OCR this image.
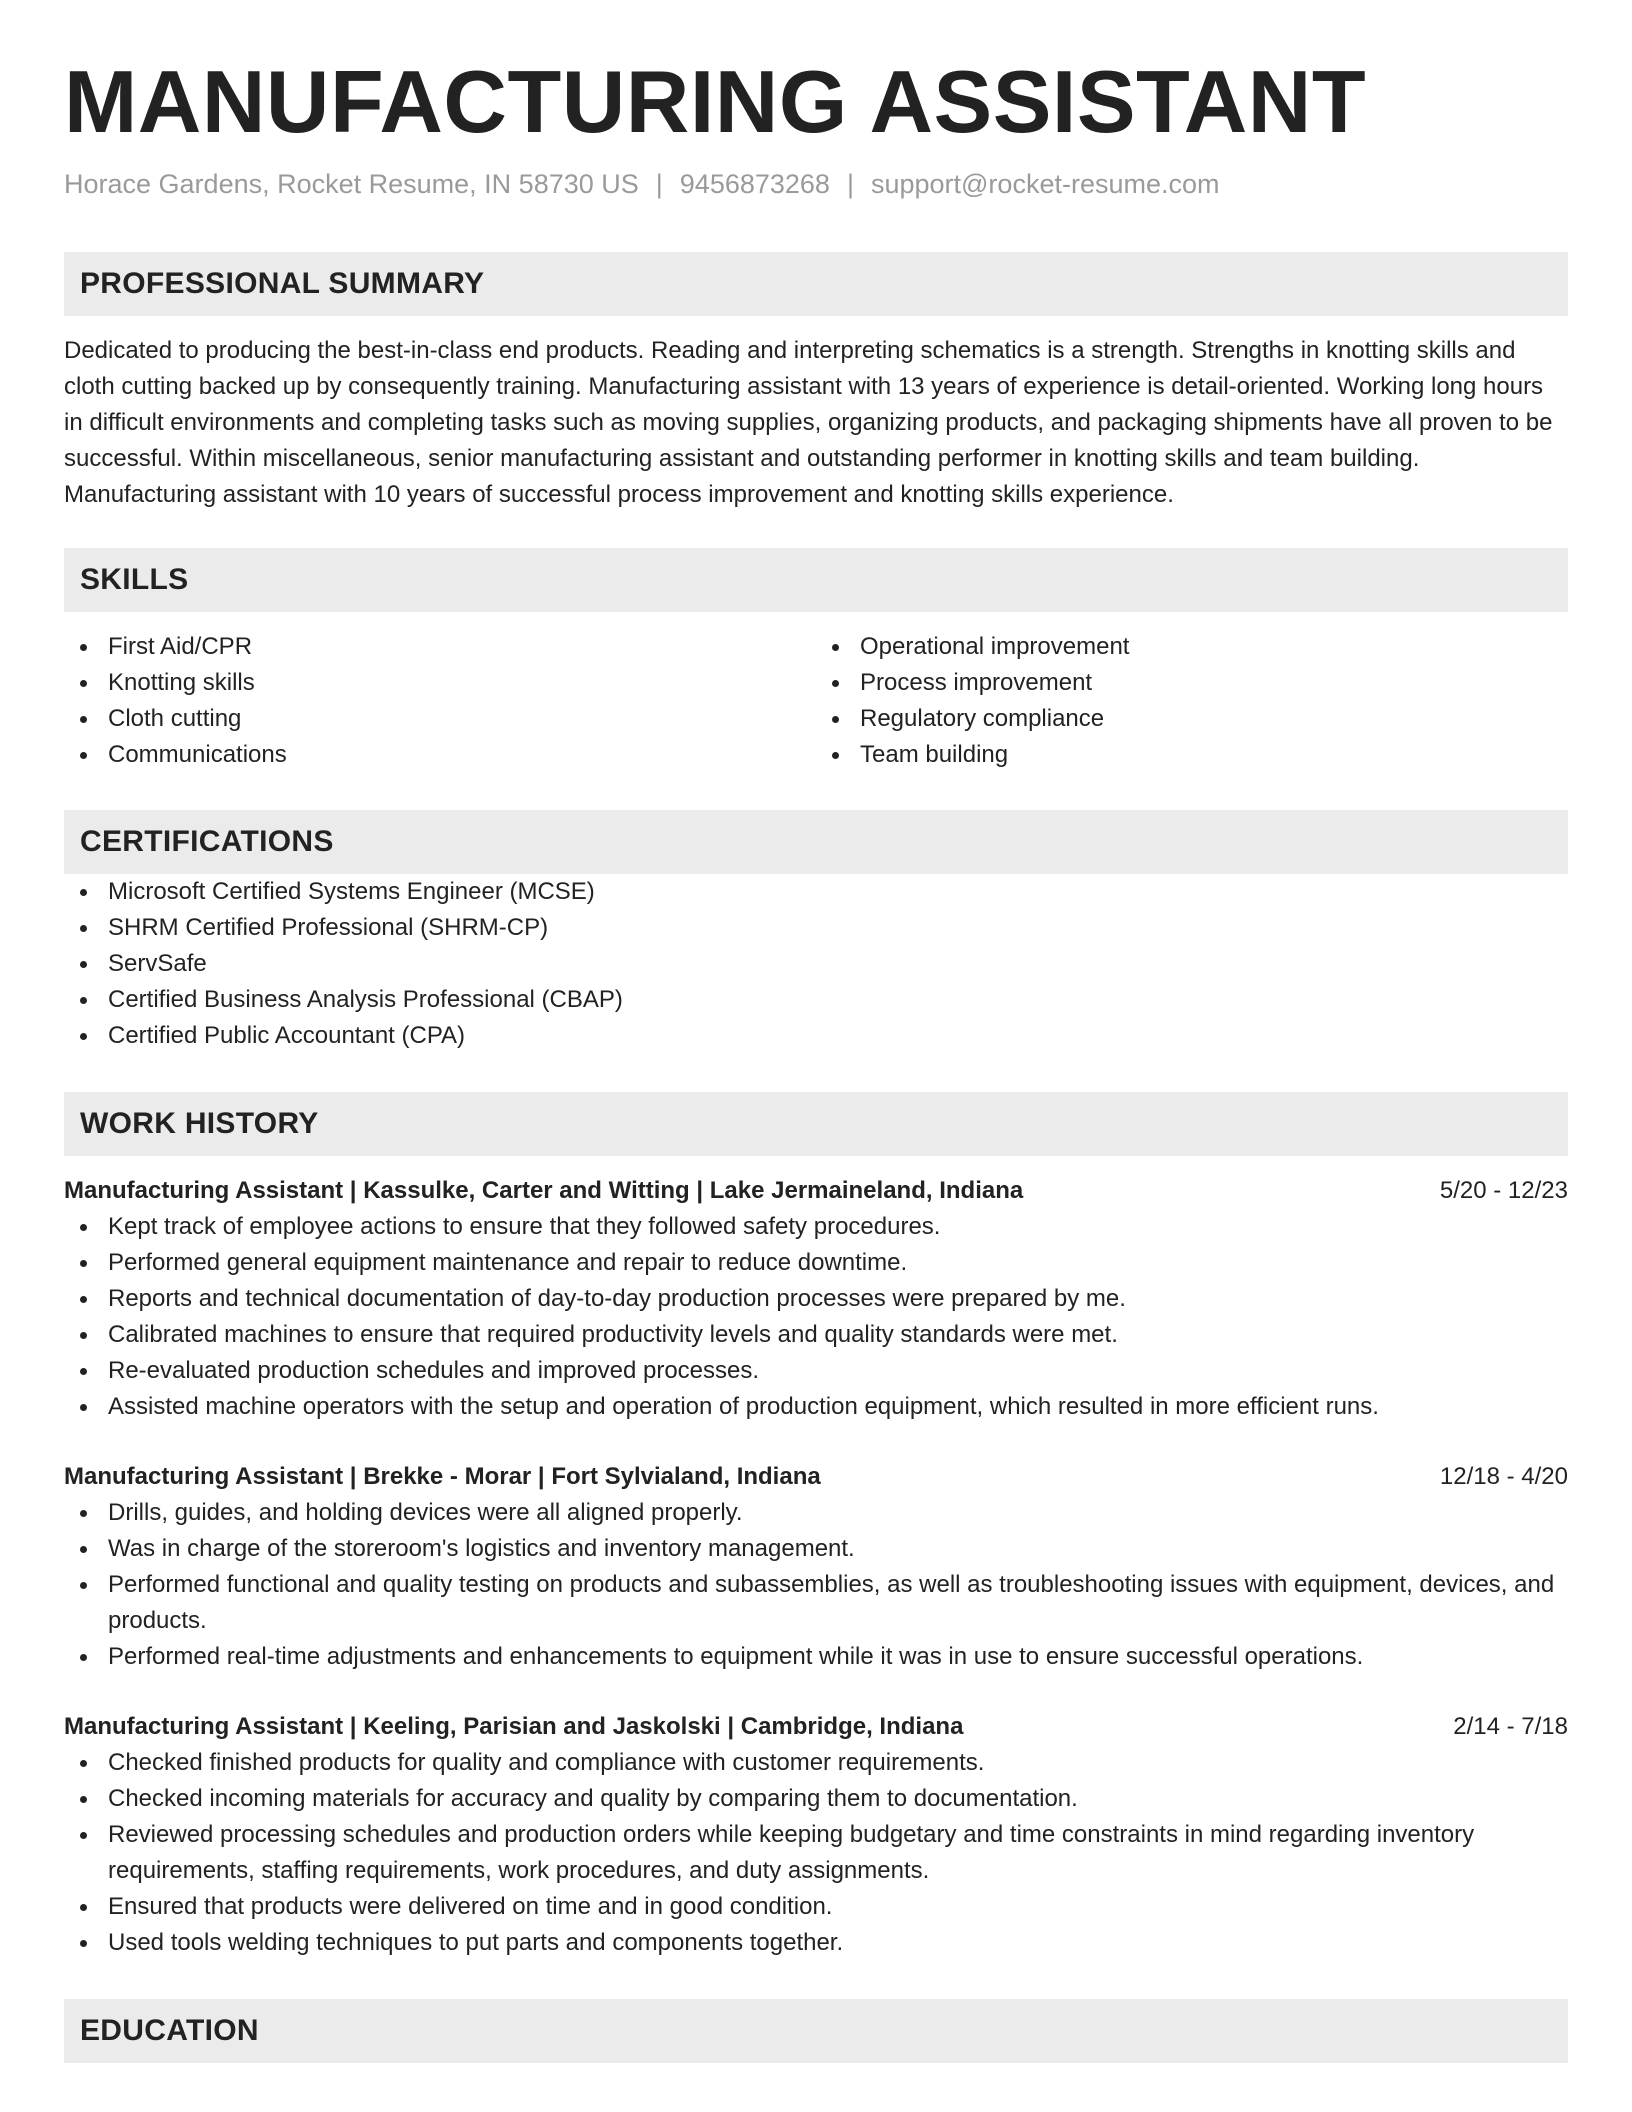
MANUFACTURING ASSISTANT
Horace Gardens, Rocket Resume, IN 58730 US | 9456873268 | support@rocket-resume.com
PROFESSIONAL SUMMARY

Dedicated to producing the best-in-class end products. Reading and interpreting schematics is a strength. Strengths in knotting skills and cloth cutting backed up by consequently training. Manufacturing assistant with 13 years of experience is detail-oriented. Working long hours in difficult environments and completing tasks such as moving supplies, organizing products, and packaging shipments have all proven to be successful. Within miscellaneous, senior manufacturing assistant and outstanding performer in knotting skills and team building. Manufacturing assistant with 10 years of successful process improvement and knotting skills experience.

SKILLS
First Aid/CPR
Knotting skills
Cloth cutting
Communications
Operational improvement
Process improvement
Regulatory compliance
Team building
CERTIFICATIONS
Microsoft Certified Systems Engineer (MCSE)
SHRM Certified Professional (SHRM-CP)
ServSafe
Certified Business Analysis Professional (CBAP)
Certified Public Accountant (CPA)
WORK HISTORY
Manufacturing Assistant | Kassulke, Carter and Witting | Lake Jermaineland, Indiana	5/20 - 12/23
Kept track of employee actions to ensure that they followed safety procedures.
Performed general equipment maintenance and repair to reduce downtime.
Reports and technical documentation of day-to-day production processes were prepared by me.
Calibrated machines to ensure that required productivity levels and quality standards were met.
Re-evaluated production schedules and improved processes.
Assisted machine operators with the setup and operation of production equipment, which resulted in more efficient runs.
Manufacturing Assistant | Brekke - Morar | Fort Sylvialand, Indiana	12/18 - 4/20
Drills, guides, and holding devices were all aligned properly.
Was in charge of the storeroom's logistics and inventory management.
Performed functional and quality testing on products and subassemblies, as well as troubleshooting issues with equipment, devices, and products.
Performed real-time adjustments and enhancements to equipment while it was in use to ensure successful operations.
Manufacturing Assistant | Keeling, Parisian and Jaskolski | Cambridge, Indiana	2/14 - 7/18
Checked finished products for quality and compliance with customer requirements.
Checked incoming materials for accuracy and quality by comparing them to documentation.
Reviewed processing schedules and production orders while keeping budgetary and time constraints in mind regarding inventory requirements, staffing requirements, work procedures, and duty assignments.
Ensured that products were delivered on time and in good condition.
Used tools welding techniques to put parts and components together.
EDUCATION
